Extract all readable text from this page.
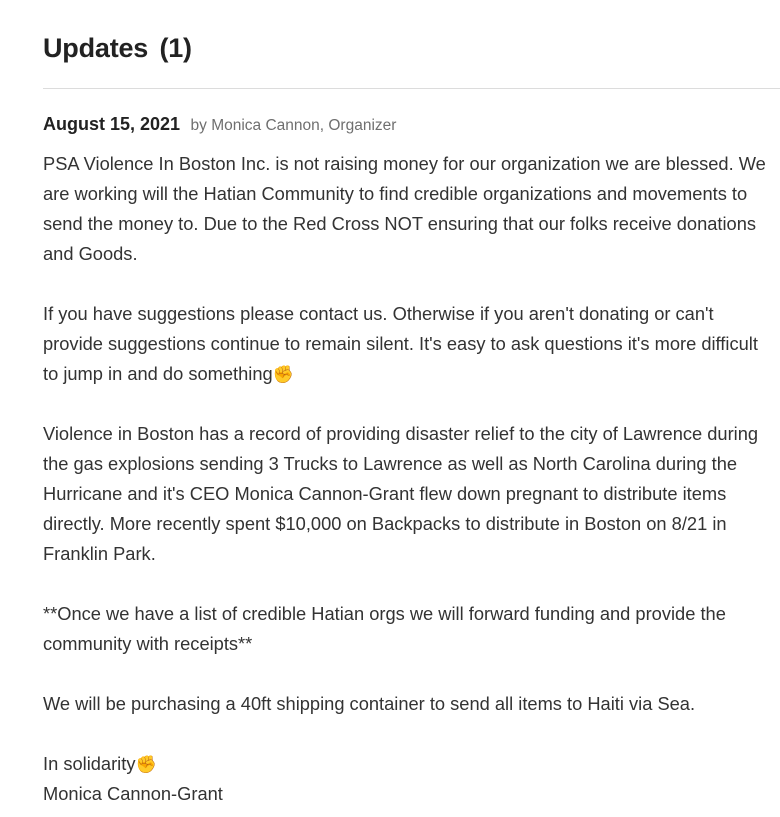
Updates (1)
August 15, 2021 by Monica Cannon, Organizer

PSA Violence In Boston Inc. is not raising money for our organization we are blessed. We are working will the Hatian Community to find credible organizations and movements to send the money to. Due to the Red Cross NOT ensuring that our folks receive donations and Goods.

If you have suggestions please contact us. Otherwise if you aren't donating or can't provide suggestions continue to remain silent. It's easy to ask questions it's more difficult to jump in and do something✊

Violence in Boston has a record of providing disaster relief to the city of Lawrence during the gas explosions sending 3 Trucks to Lawrence as well as North Carolina during the Hurricane and it's CEO Monica Cannon-Grant flew down pregnant to distribute items directly. More recently spent $10,000 on Backpacks to distribute in Boston on 8/21 in Franklin Park.

**Once we have a list of credible Hatian orgs we will forward funding and provide the community with receipts**

We will be purchasing a 40ft shipping container to send all items to Haiti via Sea.

In solidarity✊
Monica Cannon-Grant
